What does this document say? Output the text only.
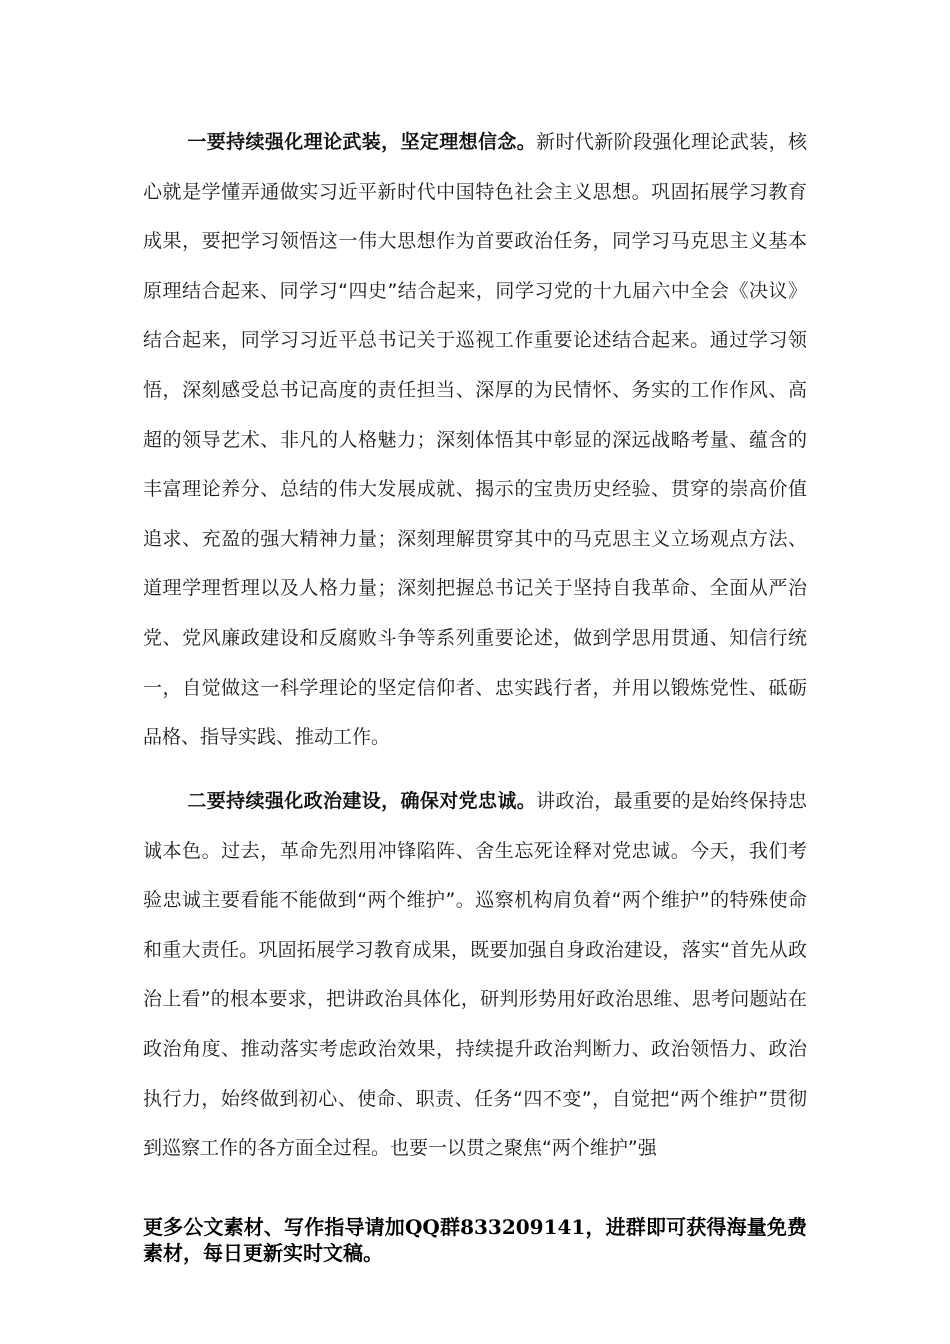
一要持续强化理论武装，坚定理想信念。新时代新阶段强化理论武装，核心就是学懂弄通做实习近平新时代中国特色社会主义思想。巩固拓展学习教育成果，要把学习领悟这一伟大思想作为首要政治任务，同学习马克思主义基本原理结合起来、同学习“四史”结合起来，同学习党的十九届六中全会《决议》结合起来，同学习习近平总书记关于巡视工作重要论述结合起来。通过学习领悟，深刻感受总书记高度的责任担当、深厚的为民情怀、务实的工作作风、高超的领导艺术、非凡的人格魅力；深刻体悟其中彰显的深远战略考量、蕴含的丰富理论养分、总结的伟大发展成就、揭示的宝贵历史经验、贯穿的崇高价值追求、充盈的强大精神力量；深刻理解贯穿其中的马克思主义立场观点方法、道理学理哲理以及人格力量；深刻把握总书记关于坚持自我革命、全面从严治党、党风廉政建设和反腐败斗争等系列重要论述，做到学思用贯通、知信行统一，自觉做这一科学理论的坚定信仰者、忠实践行者，并用以锻炼党性、砥砺品格、指导实践、推动工作。

二要持续强化政治建设，确保对党忠诚。讲政治，最重要的是始终保持忠诚本色。过去，革命先烈用冲锋陷阵、舍生忘死诠释对党忠诚。今天，我们考验忠诚主要看能不能做到“两个维护”。巡察机构肩负着“两个维护”的特殊使命和重大责任。巩固拓展学习教育成果，既要加强自身政治建设，落实“首先从政治上看”的根本要求，把讲政治具体化，研判形势用好政治思维、思考问题站在政治角度、推动落实考虑政治效果，持续提升政治判断力、政治领悟力、政治执行力，始终做到初心、使命、职责、任务“四不变”，自觉把“两个维护”贯彻到巡察工作的各方面全过程。也要一以贯之聚焦“两个维护”强

更多公文素材、写作指导请加QQ群833209141，进群即可获得海量免费素材，每日更新实时文稿。
